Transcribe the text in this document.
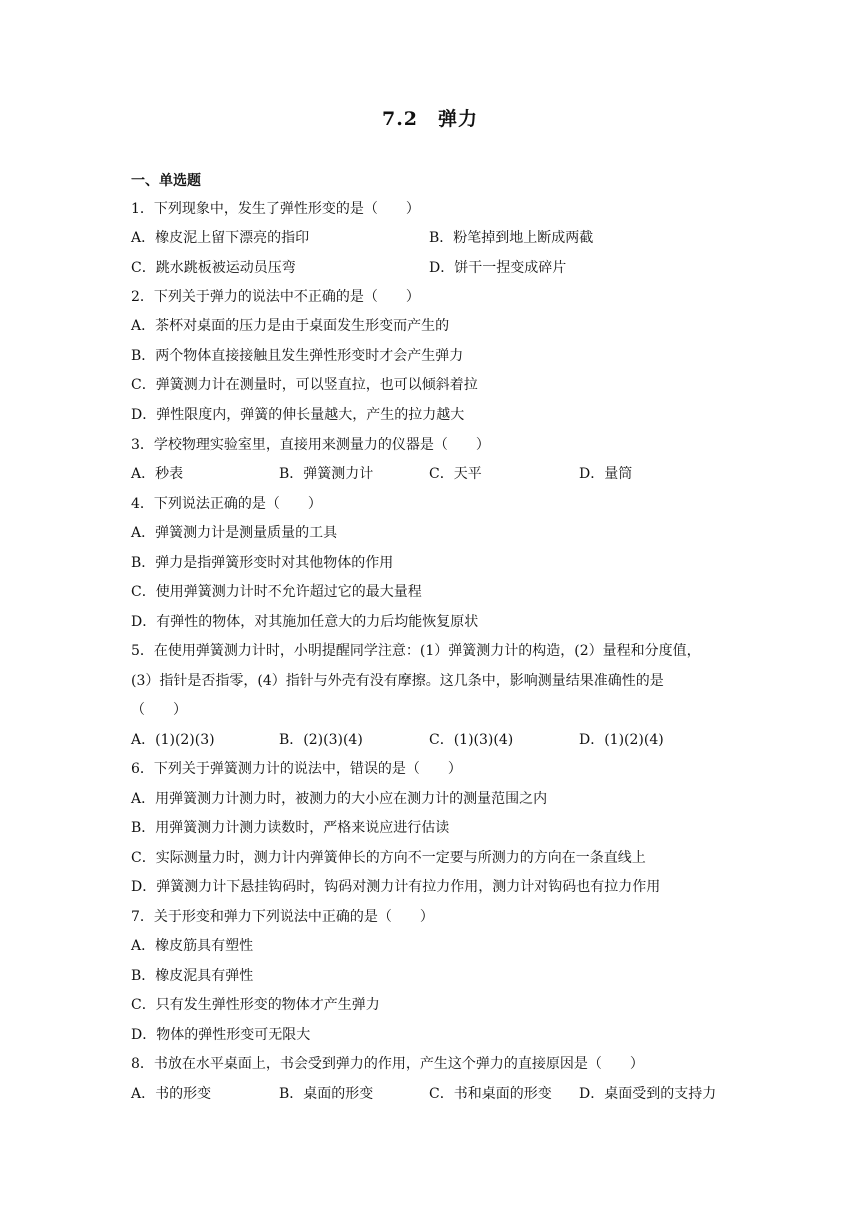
7.2　弹力
一、单选题
1．下列现象中，发生了弹性形变的是（　　）
A．橡皮泥上留下漂亮的指印	B．粉笔掉到地上断成两截
C．跳水跳板被运动员压弯	D．饼干一捏变成碎片
2．下列关于弹力的说法中不正确的是（　　）
A．茶杯对桌面的压力是由于桌面发生形变而产生的
B．两个物体直接接触且发生弹性形变时才会产生弹力
C．弹簧测力计在测量时，可以竖直拉，也可以倾斜着拉
D．弹性限度内，弹簧的伸长量越大，产生的拉力越大
3．学校物理实验室里，直接用来测量力的仪器是（　　）
A．秒表	B．弹簧测力计	C．天平	D．量筒
4．下列说法正确的是（　　）
A．弹簧测力计是测量质量的工具
B．弹力是指弹簧形变时对其他物体的作用
C．使用弹簧测力计时不允许超过它的最大量程
D．有弹性的物体，对其施加任意大的力后均能恢复原状
5．在使用弹簧测力计时，小明提醒同学注意：(1）弹簧测力计的构造，(2）量程和分度值，
(3）指针是否指零，(4）指针与外壳有没有摩擦。这几条中，影响测量结果准确性的是
（　　）
A．(1)(2)(3)	B．(2)(3)(4)	C．(1)(3)(4)	D．(1)(2)(4)
6．下列关于弹簧测力计的说法中，错误的是（　　）
A．用弹簧测力计测力时，被测力的大小应在测力计的测量范围之内
B．用弹簧测力计测力读数时，严格来说应进行估读
C．实际测量力时，测力计内弹簧伸长的方向不一定要与所测力的方向在一条直线上
D．弹簧测力计下悬挂钩码时，钩码对测力计有拉力作用，测力计对钩码也有拉力作用
7．关于形变和弹力下列说法中正确的是（　　）
A．橡皮筋具有塑性
B．橡皮泥具有弹性
C．只有发生弹性形变的物体才产生弹力
D．物体的弹性形变可无限大
8．书放在水平桌面上，书会受到弹力的作用，产生这个弹力的直接原因是（　　）
A．书的形变	B．桌面的形变	C．书和桌面的形变 D．桌面受到的支持力
